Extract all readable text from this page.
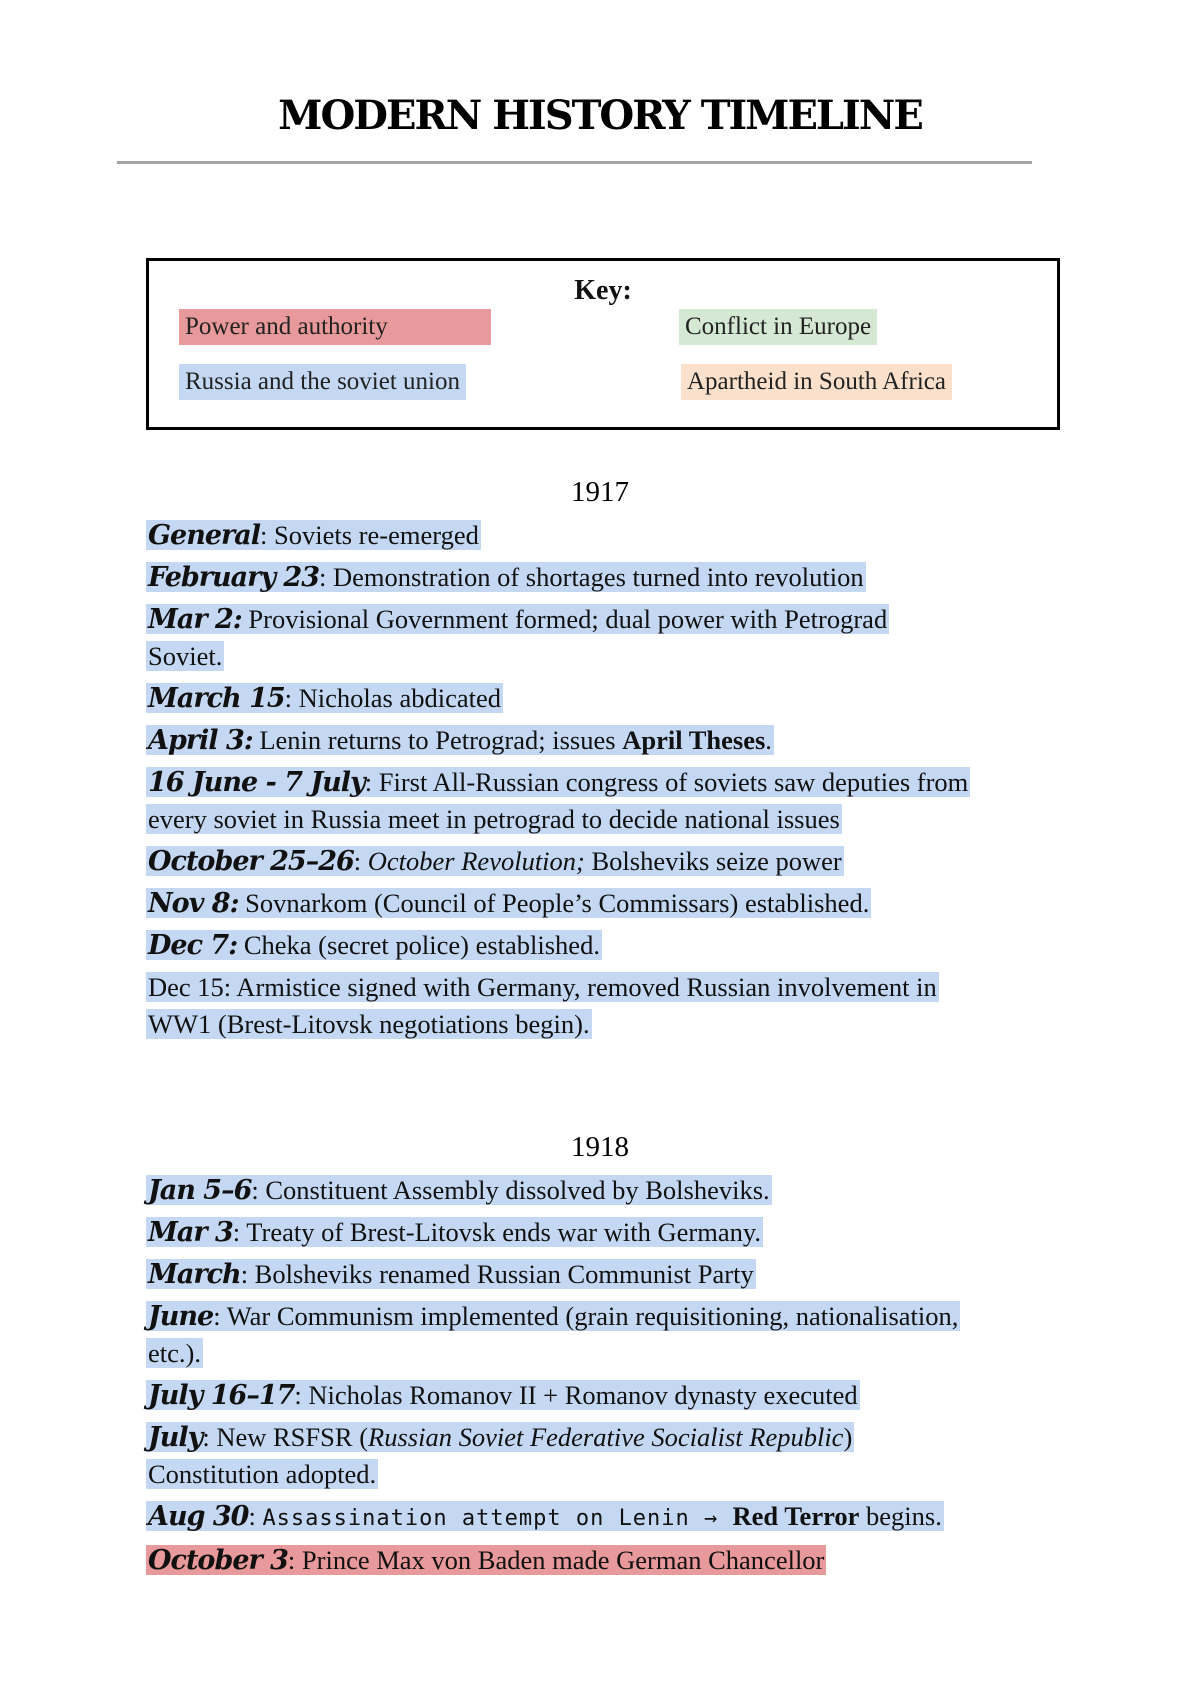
MODERN HISTORY TIMELINE
Key:
Power and authority	Conflict in Europe
Russia and the soviet union	Apartheid in South Africa
1917
General: Soviets re-emerged
February 23: Demonstration of shortages turned into revolution
Mar 2: Provisional Government formed; dual power with Petrograd Soviet.
March 15: Nicholas abdicated
April 3: Lenin returns to Petrograd; issues April Theses.
16 June - 7 July: First All-Russian congress of soviets saw deputies from every soviet in Russia meet in petrograd to decide national issues
October 25–26: October Revolution; Bolsheviks seize power
Nov 8: Sovnarkom (Council of People’s Commissars) established.
Dec 7: Cheka (secret police) established.
Dec 15: Armistice signed with Germany, removed Russian involvement in WW1 (Brest-Litovsk negotiations begin).
1918
Jan 5–6: Constituent Assembly dissolved by Bolsheviks.
Mar 3: Treaty of Brest-Litovsk ends war with Germany.
March: Bolsheviks renamed Russian Communist Party
June: War Communism implemented (grain requisitioning, nationalisation, etc.).
July 16–17: Nicholas Romanov II + Romanov dynasty executed
July: New RSFSR (Russian Soviet Federative Socialist Republic) Constitution adopted.
Aug 30: Assassination attempt on Lenin → Red Terror begins.
October 3: Prince Max von Baden made German Chancellor
